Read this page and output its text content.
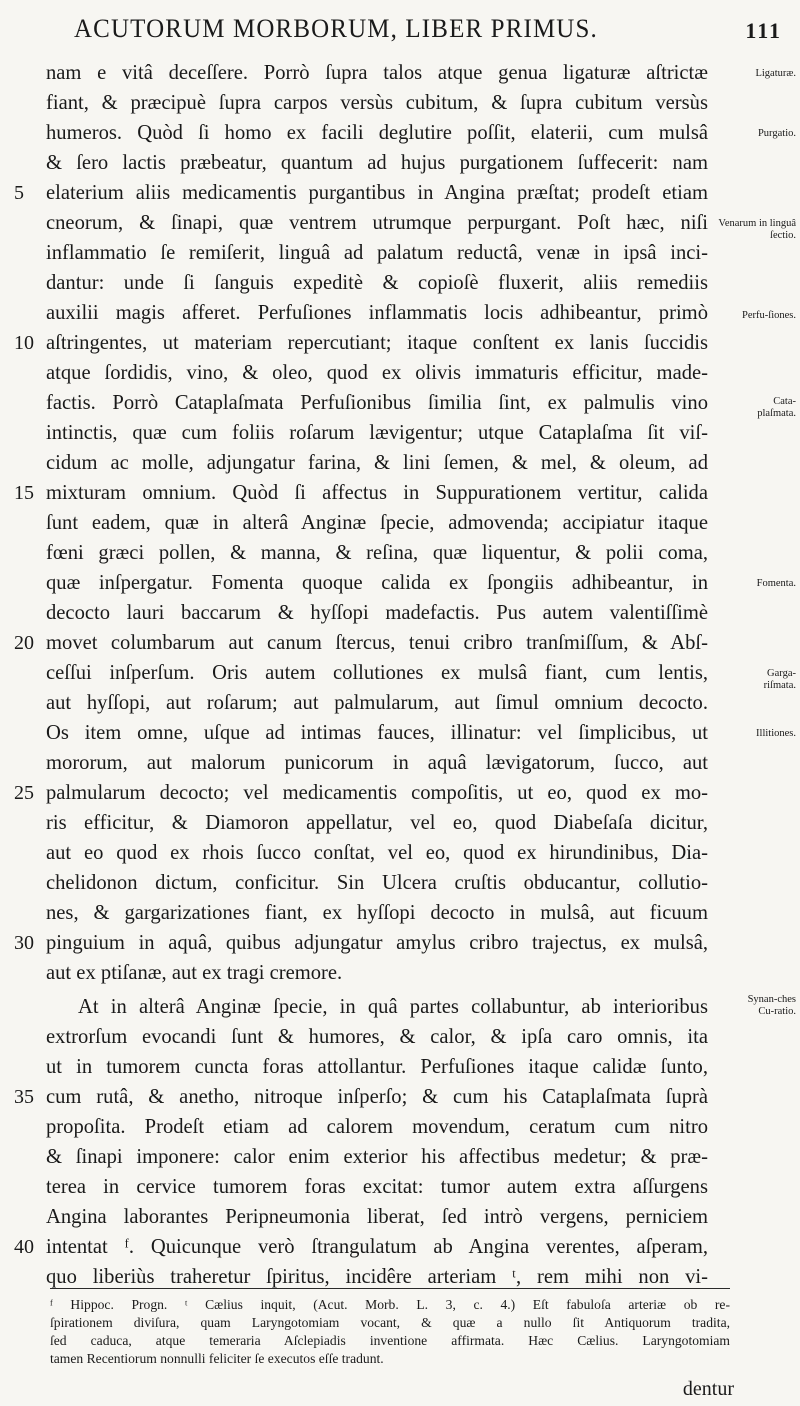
ACUTORUM MORBORUM, LIBER PRIMUS.	111
nam e vitâ deceſſere. Porrò ſupra talos atque genua ligaturæ aſtrictæ
fiant, & præcipuè ſupra carpos versùs cubitum, & ſupra cubitum versùs
humeros. Quòd ſi homo ex facili deglutire poſſit, elaterii, cum mulsâ
& ſero lactis præbeatur, quantum ad hujus purgationem ſuffecerit: nam
elaterium aliis medicamentis purgantibus in Angina præſtat; prodeſt etiam
cneorum, & ſinapi, quæ ventrem utrumque perpurgant. Poſt hæc, niſi
inflammatio ſe remiſerit, linguâ ad palatum reductâ, venæ in ipsâ inci-
dantur: unde ſi ſanguis expeditè & copioſè fluxerit, aliis remediis
auxilii magis afferet. Perfuſiones inflammatis locis adhibeantur, primò
aſtringentes, ut materiam repercutiant; itaque conſtent ex lanis ſuccidis
atque ſordidis, vino, & oleo, quod ex olivis immaturis efficitur, made-
factis. Porrò Cataplaſmata Perfuſionibus ſimilia ſint, ex palmulis vino
intinctis, quæ cum foliis roſarum lævigentur; utque Cataplaſma ſit viſ-
cidum ac molle, adjungatur farina, & lini ſemen, & mel, & oleum, ad
mixturam omnium. Quòd ſi affectus in Suppurationem vertitur, calida
ſunt eadem, quæ in alterâ Anginæ ſpecie, admovenda; accipiatur itaque
fœni græci pollen, & manna, & reſina, quæ liquentur, & polii coma,
quæ inſpergatur. Fomenta quoque calida ex ſpongiis adhibeantur, in
decocto lauri baccarum & hyſſopi madefactis. Pus autem valentiſſimè
movet columbarum aut canum ſtercus, tenui cribro tranſmiſſum, & Abſ-
ceſſui inſperſum. Oris autem collutiones ex mulsâ fiant, cum lentis,
aut hyſſopi, aut roſarum; aut palmularum, aut ſimul omnium decocto.
Os item omne, uſque ad intimas fauces, illinatur: vel ſimplicibus, ut
mororum, aut malorum punicorum in aquâ lævigatorum, ſucco, aut
palmularum decocto; vel medicamentis compoſitis, ut eo, quod ex mo-
ris efficitur, & Diamoron appellatur, vel eo, quod Diabeſaſa dicitur,
aut eo quod ex rhois ſucco conſtat, vel eo, quod ex hirundinibus, Dia-
chelidonon dictum, conficitur. Sin Ulcera cruſtis obducantur, collutio-
nes, & gargarizationes fiant, ex hyſſopi decocto in mulsâ, aut ficuum
pinguium in aquâ, quibus adjungatur amylus cribro trajectus, ex mulsâ,
aut ex ptiſanæ, aut ex tragi cremore.
At in alterâ Anginæ ſpecie, in quâ partes collabuntur, ab interioribus
extrorſum evocandi ſunt & humores, & calor, & ipſa caro omnis, ita
ut in tumorem cuncta foras attollantur. Perfuſiones itaque calidæ ſunto,
cum rutâ, & anetho, nitroque inſperſo; & cum his Cataplaſmata ſuprà
propoſita. Prodeſt etiam ad calorem movendum, ceratum cum nitro
& ſinapi imponere: calor enim exterior his affectibus medetur; & præ-
terea in cervice tumorem foras excitat: tumor autem extra aſſurgens
Angina laborantes Peripneumonia liberat, ſed intrò vergens, perniciem
intentat ᶠ. Quicunque verò ſtrangulatum ab Angina verentes, aſperam,
quo liberiùs traheretur ſpiritus, incidêre arteriam ᵗ, rem mihi non vi-
5
10
15
20
25
30
35
40
Ligaturæ.
Purgatio.
Venarum in linguâ ſectio.
Perfu-ſiones.
Cata-plaſmata.
Fomenta.
Garga-riſmata.
Illitiones.
Synan-ches Cu-ratio.
ᶠ Hippoc. Progn. ᵗ Cælius inquit, (Acut. Morb. L. 3, c. 4.) Eſt fabuloſa arteriæ ob re-
ſpirationem diviſura, quam Laryngotomiam vocant, & quæ a nullo ſit Antiquorum tradita,
ſed caduca, atque temeraria Aſclepiadis inventione affirmata. Hæc Cælius. Laryngotomiam
tamen Recentiorum nonnulli feliciter ſe executos eſſe tradunt.
dentur
